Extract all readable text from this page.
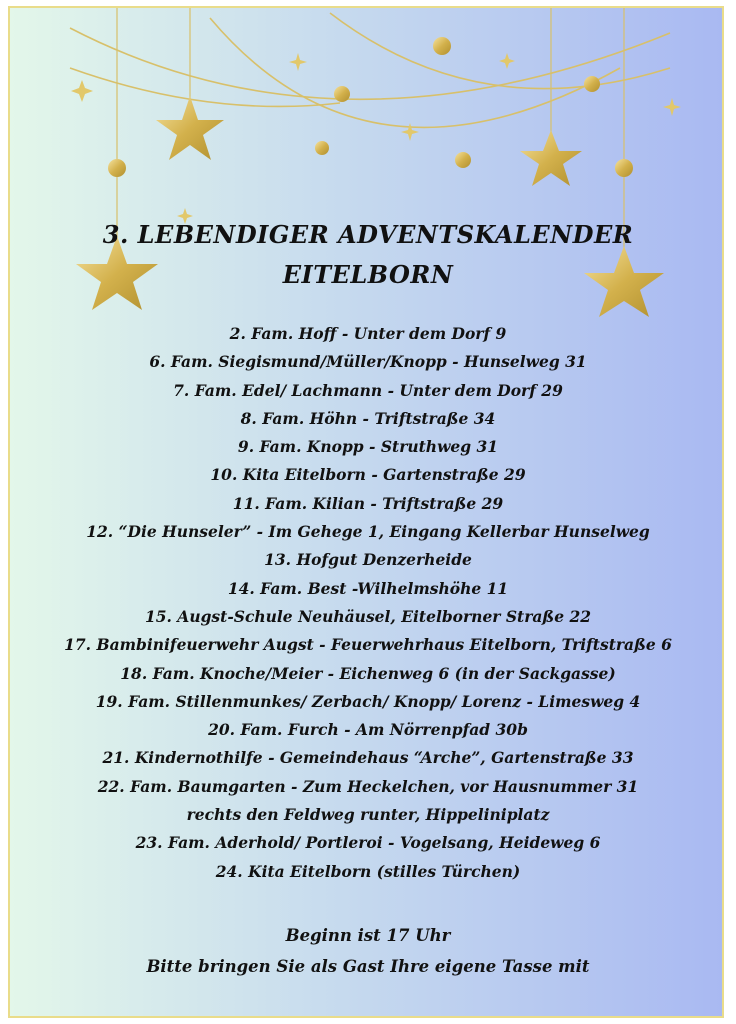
3. LEBENDIGER ADVENTSKALENDER
EITELBORN
2. Fam. Hoff - Unter dem Dorf 9
6. Fam. Siegismund/Müller/Knopp - Hunselweg 31
7. Fam. Edel/ Lachmann - Unter dem Dorf 29
8. Fam. Höhn - Triftstraße 34
9. Fam. Knopp - Struthweg 31
10. Kita Eitelborn - Gartenstraße 29
11. Fam. Kilian - Triftstraße 29
12. “Die Hunseler” - Im Gehege 1, Eingang Kellerbar Hunselweg
13. Hofgut Denzerheide
14. Fam. Best -Wilhelmshöhe 11
15. Augst-Schule Neuhäusel, Eitelborner Straße 22
17. Bambinifeuerwehr Augst - Feuerwehrhaus Eitelborn, Triftstraße 6
18. Fam. Knoche/Meier - Eichenweg 6 (in der Sackgasse)
19. Fam. Stillenmunkes/ Zerbach/ Knopp/ Lorenz - Limesweg 4
20. Fam. Furch - Am Nörrenpfad 30b
21. Kindernothilfe - Gemeindehaus “Arche”, Gartenstraße 33
22. Fam. Baumgarten - Zum Heckelchen, vor Hausnummer 31
rechts den Feldweg runter, Hippeliniplatz
23. Fam. Aderhold/ Portleroi - Vogelsang, Heideweg 6
24. Kita Eitelborn (stilles Türchen)
Beginn ist 17 Uhr
Bitte bringen Sie als Gast Ihre eigene Tasse mit
